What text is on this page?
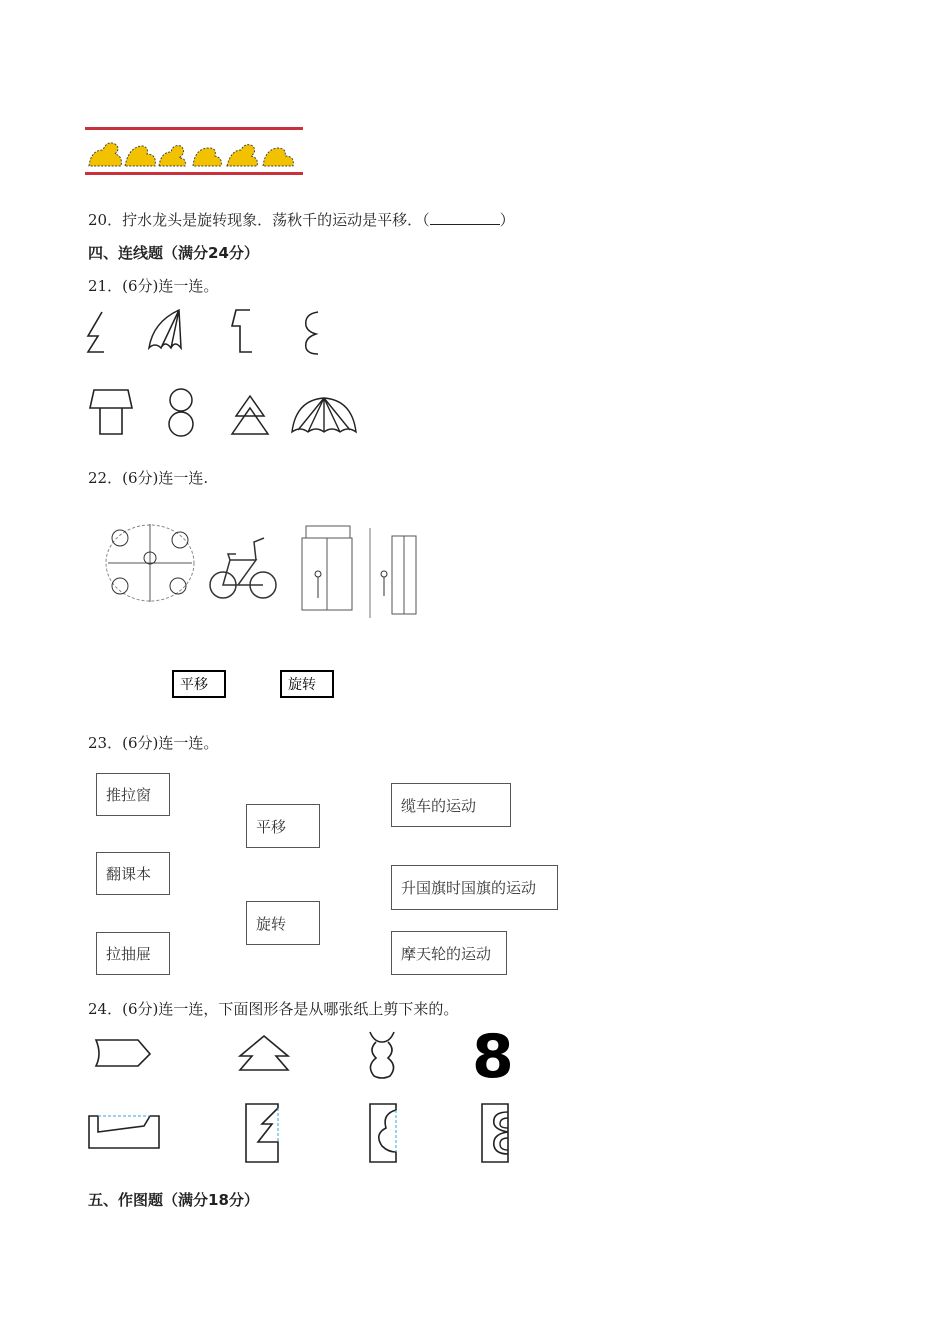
20．拧水龙头是旋转现象．荡秋千的运动是平移．（	）
四、连线题（满分24分）
21．(6分)连一连。
22．(6分)连一连.
平移	旋转
23．(6分)连一连。
推拉窗
翻课本
拉抽屉
平移
旋转
缆车的运动
升国旗时国旗的运动
摩天轮的运动
24．(6分)连一连，下面图形各是从哪张纸上剪下来的。
8
五、作图题（满分18分）
